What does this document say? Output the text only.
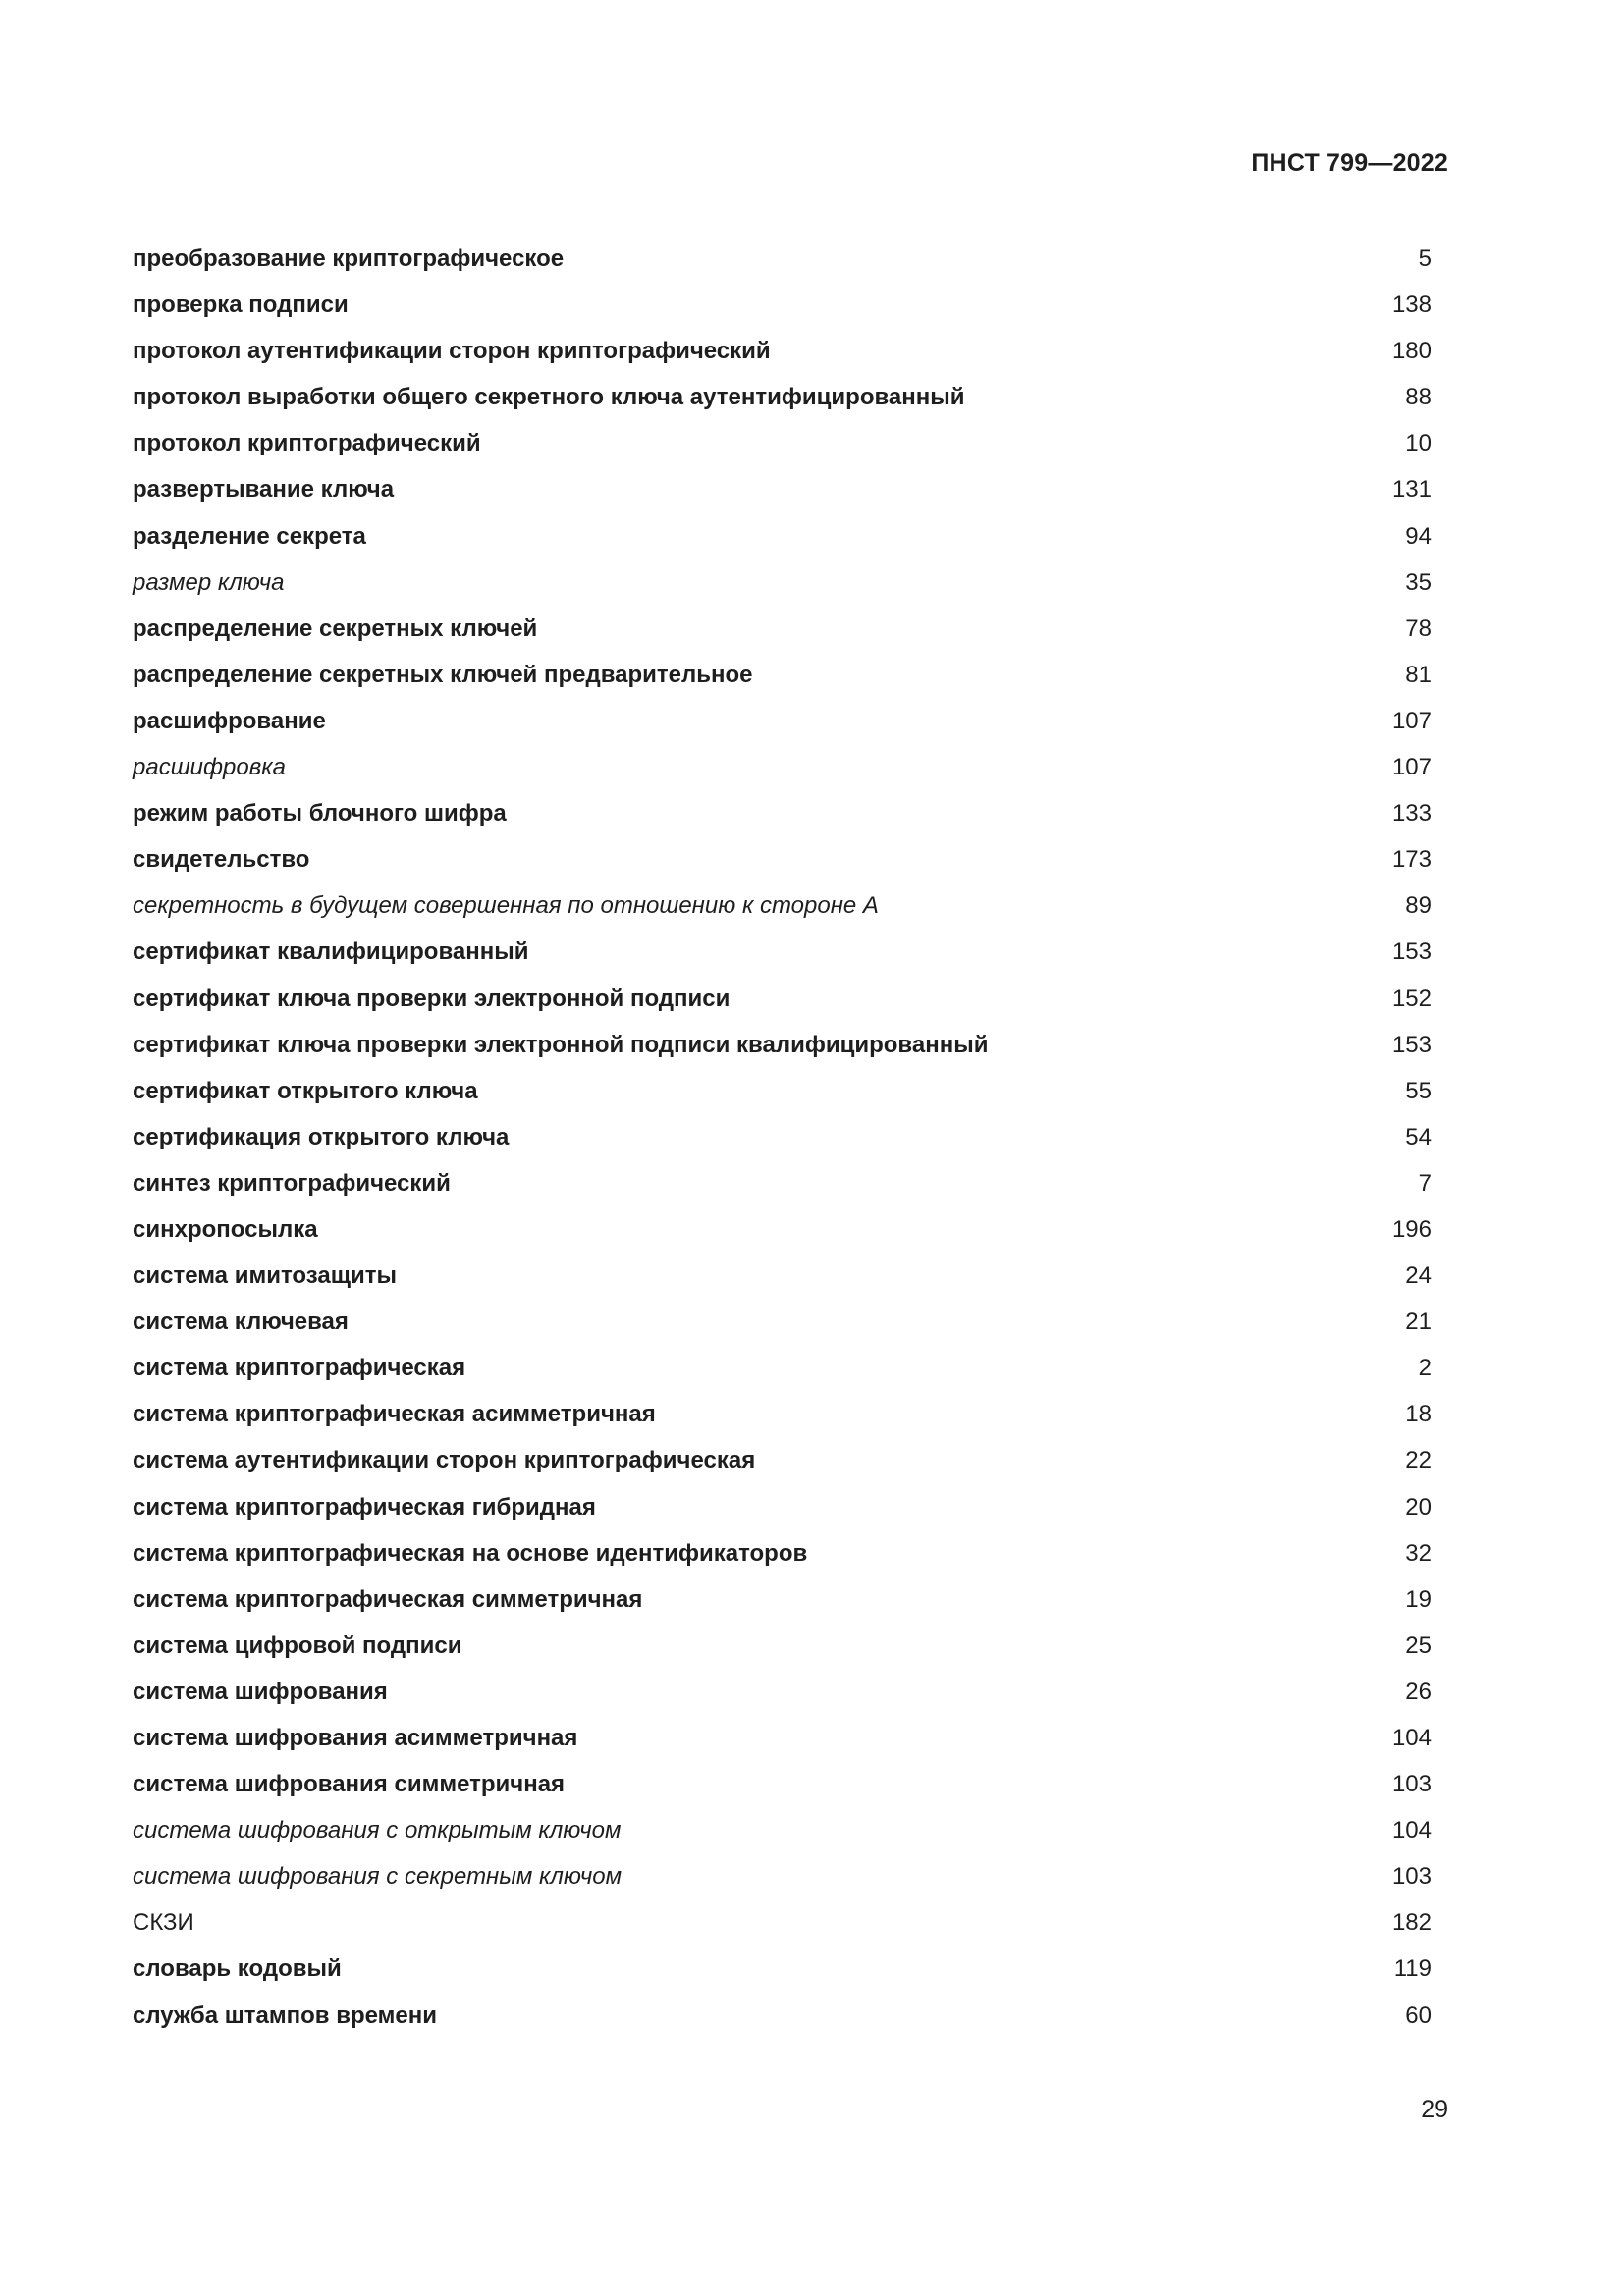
ПНСТ 799—2022
преобразование криптографическое	5
проверка подписи	138
протокол аутентификации сторон криптографический	180
протокол выработки общего секретного ключа аутентифицированный	88
протокол криптографический	10
развертывание ключа	131
разделение секрета	94
размер ключа	35
распределение секретных ключей	78
распределение секретных ключей предварительное	81
расшифрование	107
расшифровка	107
режим работы блочного шифра	133
свидетельство	173
секретность в будущем совершенная по отношению к стороне А	89
сертификат квалифицированный	153
сертификат ключа проверки электронной подписи	152
сертификат ключа проверки электронной подписи квалифицированный	153
сертификат открытого ключа	55
сертификация открытого ключа	54
синтез криптографический	7
синхропосылка	196
система имитозащиты	24
система ключевая	21
система криптографическая	2
система криптографическая асимметричная	18
система аутентификации сторон криптографическая	22
система криптографическая гибридная	20
система криптографическая на основе идентификаторов	32
система криптографическая симметричная	19
система цифровой подписи	25
система шифрования	26
система шифрования асимметричная	104
система шифрования симметричная	103
система шифрования с открытым ключом	104
система шифрования с секретным ключом	103
СКЗИ	182
словарь кодовый	119
служба штампов времени	60
29
